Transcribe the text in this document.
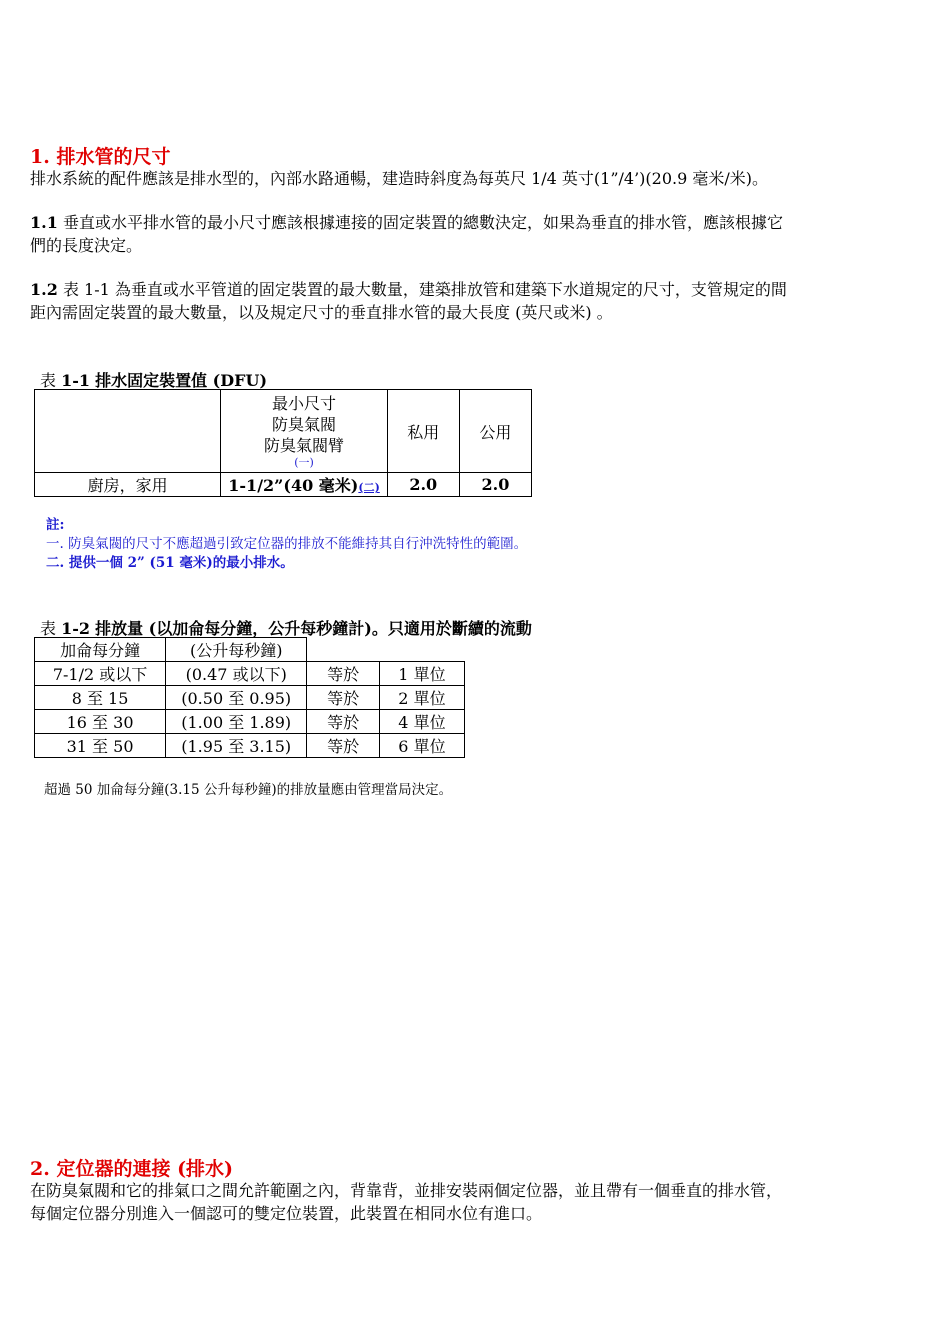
1. 排水管的尺寸
排水系統的配件應該是排水型的，內部水路通暢，建造時斜度為每英尺 1/4 英寸(1”/4’)(20.9 毫米/米)。
1.1 垂直或水平排水管的最小尺寸應該根據連接的固定裝置的總數決定，如果為垂直的排水管，應該根據它
們的長度決定。
1.2 表 1-1 為垂直或水平管道的固定裝置的最大數量，建築排放管和建築下水道規定的尺寸，支管規定的間
距內需固定裝置的最大數量，以及規定尺寸的垂直排水管的最大長度 (英尺或米) 。
表 1-1 排水固定裝置值 (DFU)

	最小尺寸
防臭氣閥
防臭氣閥臂
(一)	私用	公用
廚房，家用	1-1/2”(40 毫米)(二)	2.0	2.0
註:
一. 防臭氣閥的尺寸不應超過引致定位器的排放不能維持其自行沖洗特性的範圍。
二. 提供一個 2” (51 毫米)的最小排水。
表 1-2 排放量 (以加侖每分鐘，公升每秒鐘計)。只適用於斷續的流動
加侖每分鐘	(公升每秒鐘)		
7-1/2 或以下	(0.47 或以下)	等於	1 單位
8 至 15	(0.50 至 0.95)	等於	2 單位
16 至 30	(1.00 至 1.89)	等於	4 單位
31 至 50	(1.95 至 3.15)	等於	6 單位
超過 50 加侖每分鐘(3.15 公升每秒鐘)的排放量應由管理當局決定。
2. 定位器的連接 (排水)
在防臭氣閥和它的排氣口之間允許範圍之內，背靠背，並排安裝兩個定位器，並且帶有一個垂直的排水管，
每個定位器分別進入一個認可的雙定位裝置，此裝置在相同水位有進口。
